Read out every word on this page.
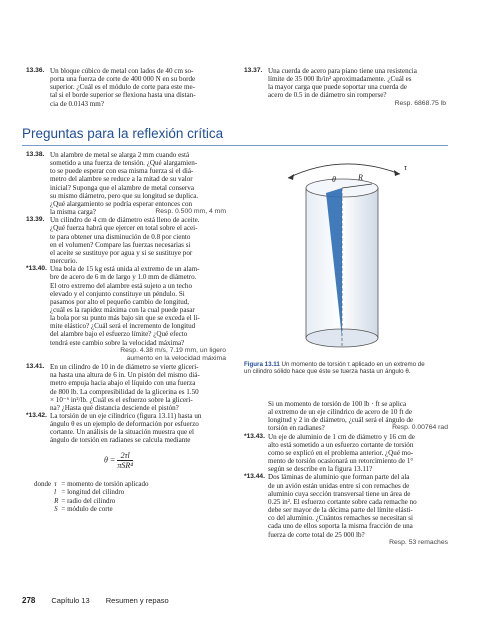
13.36. Un bloque cúbico de metal con lados de 40 cm so-
porta una fuerza de corte de 400 000 N en su borde
superior. ¿Cuál es el módulo de corte para este me-
tal si el borde superior se flexiona hasta una distan-
cia de 0.0143 mm?
13.37. Una cuerda de acero para piano tiene una resistencia
límite de 35 000 lb/in² aproximadamente. ¿Cuál es
la mayor carga que puede soportar una cuerda de
acero de 0.5 in de diámetro sin romperse?
Resp. 6868.75 lb
Preguntas para la reflexión crítica
13.38. Un alambre de metal se alarga 2 mm cuando está
sometido a una fuerza de tensión. ¿Qué alargamien-
to se puede esperar con esa misma fuerza si el diá-
metro del alambre se reduce a la mitad de su valor
inicial? Suponga que el alambre de metal conserva
su mismo diámetro, pero que su longitud se duplica.
¿Qué alargamiento se podría esperar entonces con
la misma carga?	Resp. 0.500 mm, 4 mm
13.39. Un cilindro de 4 cm de diámetro está lleno de aceite.
¿Qué fuerza habrá que ejercer en total sobre el acei-
te para obtener una disminución de 0.8 por ciento
en el volumen? Compare las fuerzas necesarias si
el aceite se sustituye por agua y si se sustituye por
mercurio.
*13.40. Una bola de 15 kg está unida al extremo de un alam-
bre de acero de 6 m de largo y 1.0 mm de diámetro.
El otro extremo del alambre está sujeto a un techo
elevado y el conjunto constituye un péndulo. Si
pasamos por alto el pequeño cambio de longitud,
¿cuál es la rapidez máxima con la cual puede pasar
la bola por su punto más bajo sin que se exceda el lí-
mite elástico? ¿Cuál será el incremento de longitud
del alambre bajo el esfuerzo límite? ¿Qué efecto
tendrá este cambio sobre la velocidad máxima?
Resp. 4.38 m/s, 7.19 mm, un ligero
aumento en la velocidad máxima
13.41. En un cilindro de 10 in de diámetro se vierte gliceri-
na hasta una altura de 6 in. Un pistón del mismo diá-
metro empuja hacia abajo el líquido con una fuerza
de 800 lb. La compresibilidad de la glicerina es 1.50
× 10⁻⁶ in²/lb. ¿Cuál es el esfuerzo sobre la gliceri-
na? ¿Hasta qué distancia desciende el pistón?
*13.42. La torsión de un eje cilíndrico (figura 13.11) hasta un
ángulo θ es un ejemplo de deformación por esfuerzo
cortante. Un análisis de la situación muestra que el
ángulo de torsión en radianes se calcula mediante
$\theta = \frac{2\tau l}{\text{πSR⁴}}$
donde	τ	= momento de torsión aplicado
	l	= longitud del cilindro
	R	= radio del cilindro
	S	= módulo de corte
θ	R
τ
Figura 13.11 Un momento de torsión τ aplicado en un extremo de
un cilindro sólido hace que éste se tuerza hasta un ángulo θ.
Si un momento de torsión de 100 lb · ft se aplica
al extremo de un eje cilíndrico de acero de 10 ft de
longitud y 2 in de diámetro, ¿cuál será el ángulo de
torsión en radianes?	Resp. 0.00764 rad
*13.43. Un eje de aluminio de 1 cm de diámetro y 16 cm de
alto está sometido a un esfuerzo cortante de torsión
como se explicó en el problema anterior. ¿Qué mo-
mento de torsión ocasionará un retorcimiento de 1°
según se describe en la figura 13.11?
*13.44. Dos láminas de aluminio que forman parte del ala
de un avión están unidas entre sí con remaches de
aluminio cuya sección transversal tiene un área de
0.25 in². El esfuerzo cortante sobre cada remache no
debe ser mayor de la décima parte del límite elásti-
co del aluminio. ¿Cuántos remaches se necesitan si
cada uno de ellos soporta la misma fracción de una
fuerza de corte total de 25 000 lb?
Resp. 53 remaches
278 Capítulo 13 Resumen y repaso
